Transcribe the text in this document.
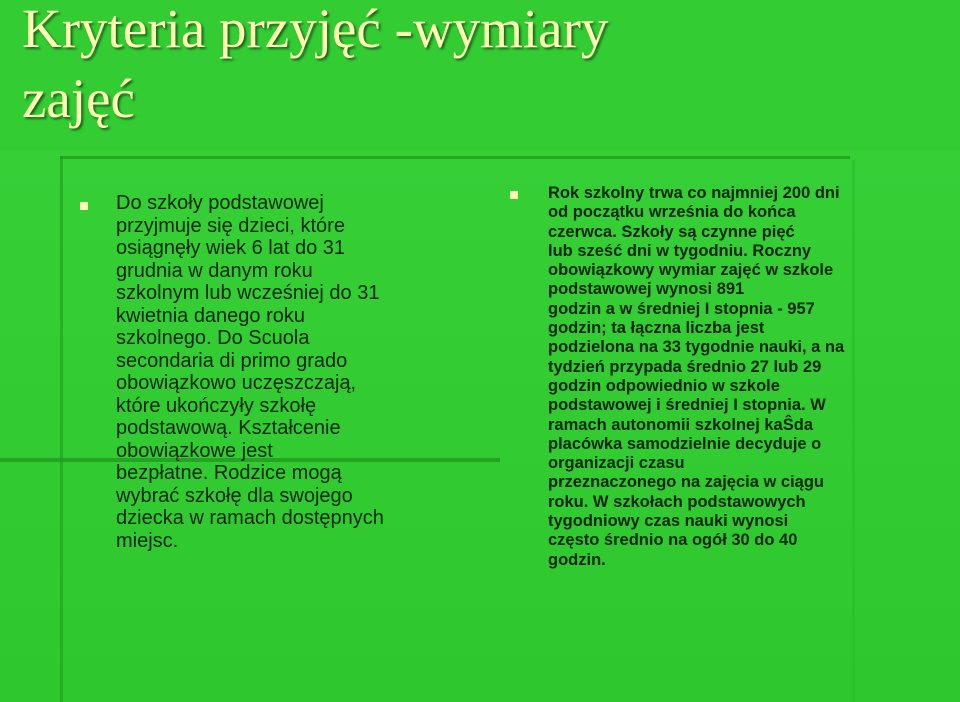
Kryteria przyjęć -wymiary
zajęć
Do szkoły podstawowej
przyjmuje się dzieci, które
osiągnęły wiek 6 lat do 31
grudnia w danym roku
szkolnym lub wcześniej do 31
kwietnia danego roku
szkolnego. Do Scuola
secondaria di primo grado
obowiązkowo uczęszczają,
które ukończyły szkołę
podstawową. Kształcenie
obowiązkowe jest
bezpłatne. Rodzice mogą
wybrać szkołę dla swojego
dziecka w ramach dostępnych
miejsc.
Rok szkolny trwa co najmniej 200 dni
od początku września do końca
czerwca. Szkoły są czynne pięć
lub sześć dni w tygodniu. Roczny
obowiązkowy wymiar zajęć w szkole
podstawowej wynosi 891
godzin a w średniej I stopnia - 957
godzin; ta łączna liczba jest
podzielona na 33 tygodnie nauki, a na
tydzień przypada średnio 27 lub 29
godzin odpowiednio w szkole
podstawowej i średniej I stopnia. W
ramach autonomii szkolnej kaŜda
placówka samodzielnie decyduje o
organizacji czasu
przeznaczonego na zajęcia w ciągu
roku. W szkołach podstawowych
tygodniowy czas nauki wynosi
często średnio na ogół 30 do 40
godzin.
